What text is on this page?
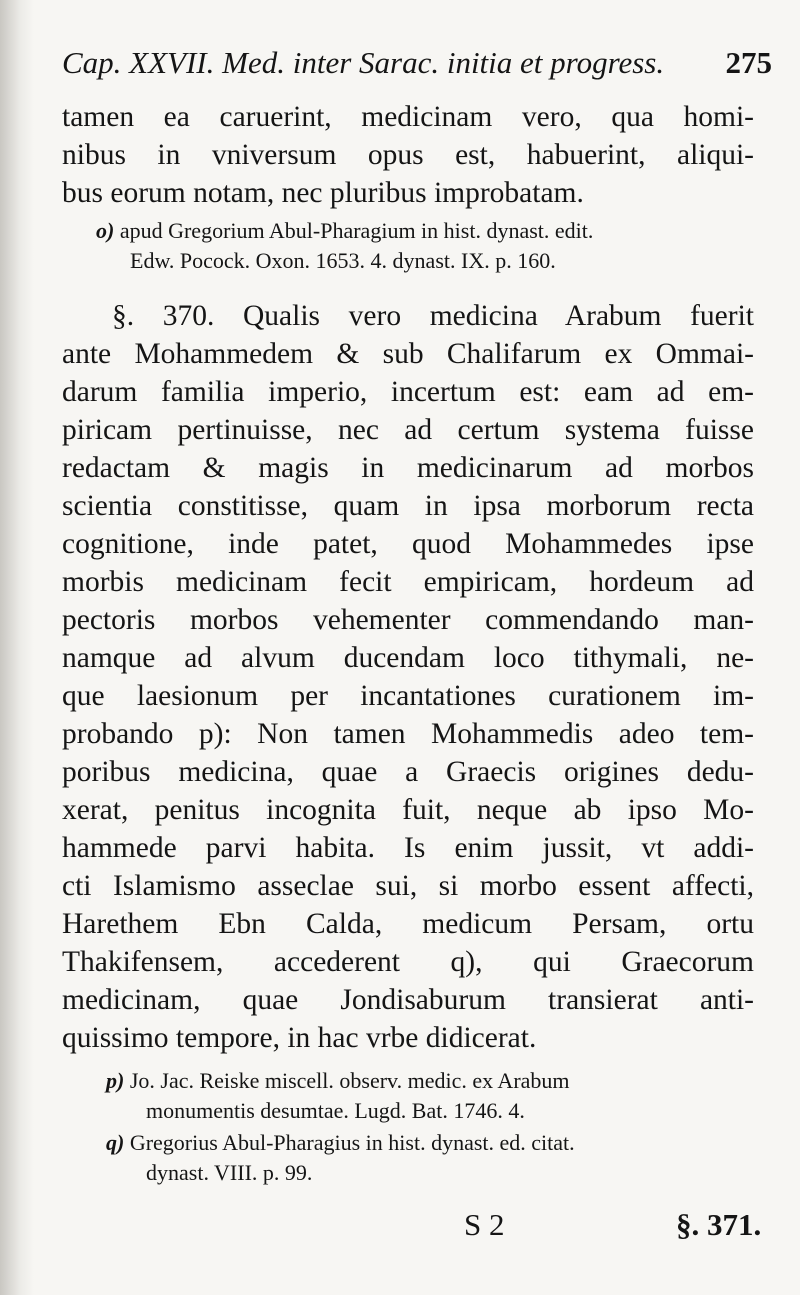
Cap. XXVII. Med. inter Sarac. initia et progress. 275
tamen ea caruerint, medicinam vero, qua homi-
nibus in vniversum opus est, habuerint, aliqui-
bus eorum notam, nec pluribus improbatam.
o) apud Gregorium Abul-Pharagium in hist. dynast. edit.
Edw. Pocock. Oxon. 1653. 4. dynast. IX. p. 160.
§. 370. Qualis vero medicina Arabum fuerit
ante Mohammedem & sub Chalifarum ex Ommai-
darum familia imperio, incertum est: eam ad em-
piricam pertinuisse, nec ad certum systema fuisse
redactam & magis in medicinarum ad morbos
scientia constitisse, quam in ipsa morborum recta
cognitione, inde patet, quod Mohammedes ipse
morbis medicinam fecit empiricam, hordeum ad
pectoris morbos vehementer commendando man-
namque ad alvum ducendam loco tithymali, ne-
que laesionum per incantationes curationem im-
probando p): Non tamen Mohammedis adeo tem-
poribus medicina, quae a Graecis origines dedu-
xerat, penitus incognita fuit, neque ab ipso Mo-
hammede parvi habita. Is enim jussit, vt addi-
cti Islamismo asseclae sui, si morbo essent affecti,
Harethem Ebn Calda, medicum Persam, ortu
Thakifensem, accederent q), qui Graecorum
medicinam, quae Jondisaburum transierat anti-
quissimo tempore, in hac vrbe didicerat.
p) Jo. Jac. Reiske miscell. observ. medic. ex Arabum
monumentis desumtae. Lugd. Bat. 1746. 4.
q) Gregorius Abul-Pharagius in hist. dynast. ed. citat.
dynast. VIII. p. 99.
S 2	§. 371.
